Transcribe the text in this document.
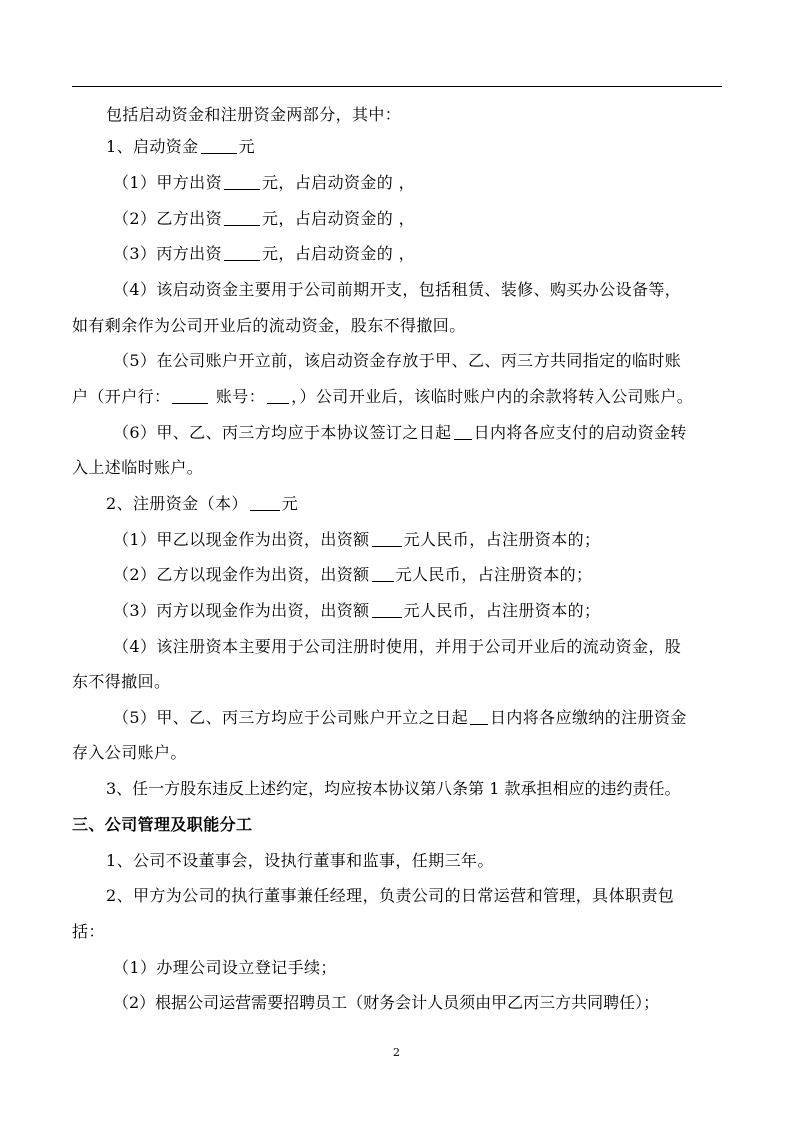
包括启动资金和注册资金两部分，其中：
1、启动资金	元
（1）甲方出资	元，占启动资金的 ，
（2）乙方出资	元，占启动资金的 ，
（3）丙方出资	元，占启动资金的 ，
（4）该启动资金主要用于公司前期开支，包括租赁、装修、购买办公设备等，
如有剩余作为公司开业后的流动资金，股东不得撤回。
（5）在公司账户开立前，该启动资金存放于甲、乙、丙三方共同指定的临时账
户（开户行：	账号： ，）公司开业后，该临时账户内的余款将转入公司账户。
（6）甲、乙、丙三方均应于本协议签订之日起 日内将各应支付的启动资金转
入上述临时账户。
2、注册资金（本） 元
（1）甲乙以现金作为出资，出资额 元人民币，占注册资本的；
（2）乙方以现金作为出资，出资额 元人民币，占注册资本的；
（3）丙方以现金作为出资，出资额 元人民币，占注册资本的；
（4）该注册资本主要用于公司注册时使用，并用于公司开业后的流动资金，股
东不得撤回。
（5）甲、乙、丙三方均应于公司账户开立之日起 日内将各应缴纳的注册资金
存入公司账户。
3、任一方股东违反上述约定，均应按本协议第八条第 1 款承担相应的违约责任。
三、公司管理及职能分工
1、公司不设董事会，设执行董事和监事，任期三年。
2、甲方为公司的执行董事兼任经理，负责公司的日常运营和管理，具体职责包
括：
（1）办理公司设立登记手续；
（2）根据公司运营需要招聘员工（财务会计人员须由甲乙丙三方共同聘任）；
2
